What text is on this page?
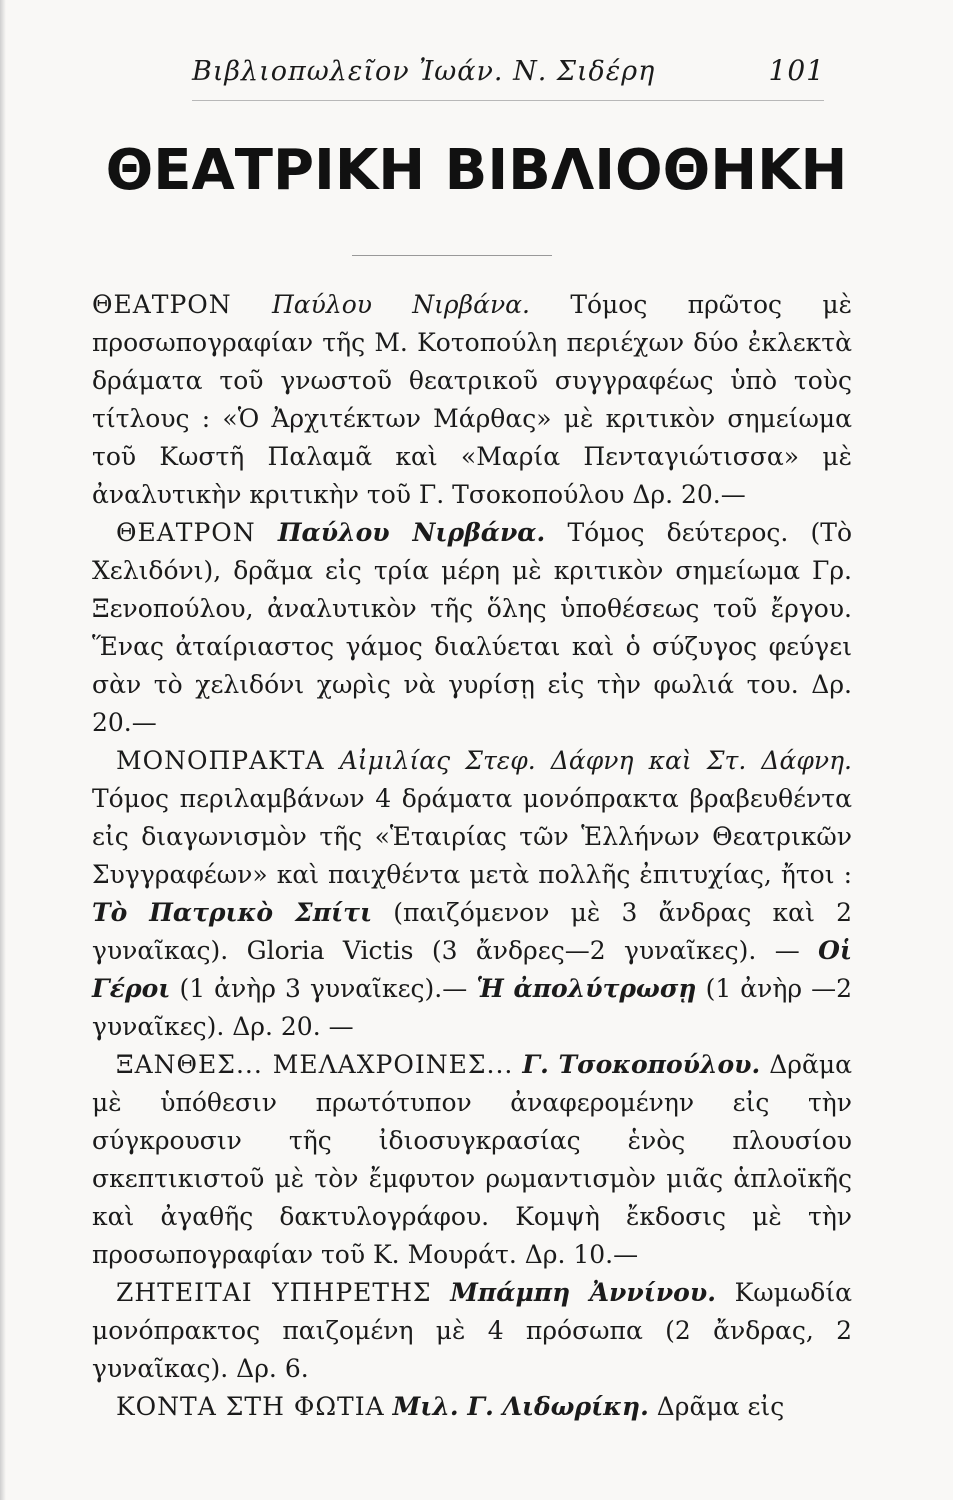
Βιβλιοπωλεῖον Ἰωάν. Ν. Σιδέρη	101
ΘΕΑΤΡΙΚΗ ΒΙΒΛΙΟΘΗΚΗ

ΘΕΑΤΡΟΝ Παύλου Νιρβάνα. Τόμος πρῶτος μὲ προσωπογραφίαν τῆς Μ. Κοτοπούλη περιέχων δύο ἐκλεκτὰ δράματα τοῦ γνωστοῦ θεατρικοῦ συγγραφέως ὑπὸ τοὺς τίτλους : «Ὁ Ἀρχιτέκτων Μάρθας» μὲ κριτικὸν σημείωμα τοῦ Κωστῆ Παλαμᾶ καὶ «Μαρία Πενταγιώτισσα» μὲ ἀναλυτικὴν κριτικὴν τοῦ Γ. Τσοκοπούλου Δρ. 20.—

ΘΕΑΤΡΟΝ Παύλου Νιρβάνα. Τόμος δεύτερος. (Τὸ Χελιδόνι), δρᾶμα εἰς τρία μέρη μὲ κριτικὸν σημείωμα Γρ. Ξενοπούλου, ἀναλυτικὸν τῆς ὅλης ὑποθέσεως τοῦ ἔργου. Ἕνας ἀταίριαστος γάμος διαλύεται καὶ ὁ σύζυγος φεύγει σὰν τὸ χελιδόνι χωρὶς νὰ γυρίσῃ εἰς τὴν φωλιά του. Δρ. 20.—

ΜΟΝΟΠΡΑΚΤΑ Αἰμιλίας Στεφ. Δάφνη καὶ Στ. Δάφνη. Τόμος περιλαμβάνων 4 δράματα μονόπρακτα βραβευθέντα εἰς διαγωνισμὸν τῆς «Ἑταιρίας τῶν Ἑλλήνων Θεατρικῶν Συγγραφέων» καὶ παιχθέντα μετὰ πολλῆς ἐπιτυχίας, ἤτοι : Τὸ Πατρικὸ Σπίτι (παιζόμενον μὲ 3 ἄνδρας καὶ 2 γυναῖκας). Gloria Victis (3 ἄνδρες—2 γυναῖκες). — Οἱ Γέροι (1 ἀνὴρ 3 γυναῖκες).— Ἡ ἀπολύτρωσῃ (1 ἀνὴρ —2 γυναῖκες). Δρ. 20. —

ΞΑΝΘΕΣ... ΜΕΛΑΧΡΟΙΝΕΣ... Γ. Τσοκοπούλου. Δρᾶμα μὲ ὑπόθεσιν πρωτότυπον ἀναφερομένην εἰς τὴν σύγκρουσιν τῆς ἰδιοσυγκρασίας ἑνὸς πλουσίου σκεπτικιστοῦ μὲ τὸν ἔμφυτον ρωμαντισμὸν μιᾶς ἁπλοϊκῆς καὶ ἀγαθῆς δακτυλογράφου. Κομψὴ ἔκδοσις μὲ τὴν προσωπογραφίαν τοῦ Κ. Μουράτ. Δρ. 10.—

ΖΗΤΕΙΤΑΙ ΥΠΗΡΕΤΗΣ Μπάμπη Ἀννίνου. Κωμωδία μονόπρακτος παιζομένη μὲ 4 πρόσωπα (2 ἄνδρας, 2 γυναῖκας). Δρ. 6.

ΚΟΝΤΑ ΣΤΗ ΦΩΤΙΑ Μιλ. Γ. Λιδωρίκη. Δρᾶμα εἰς
